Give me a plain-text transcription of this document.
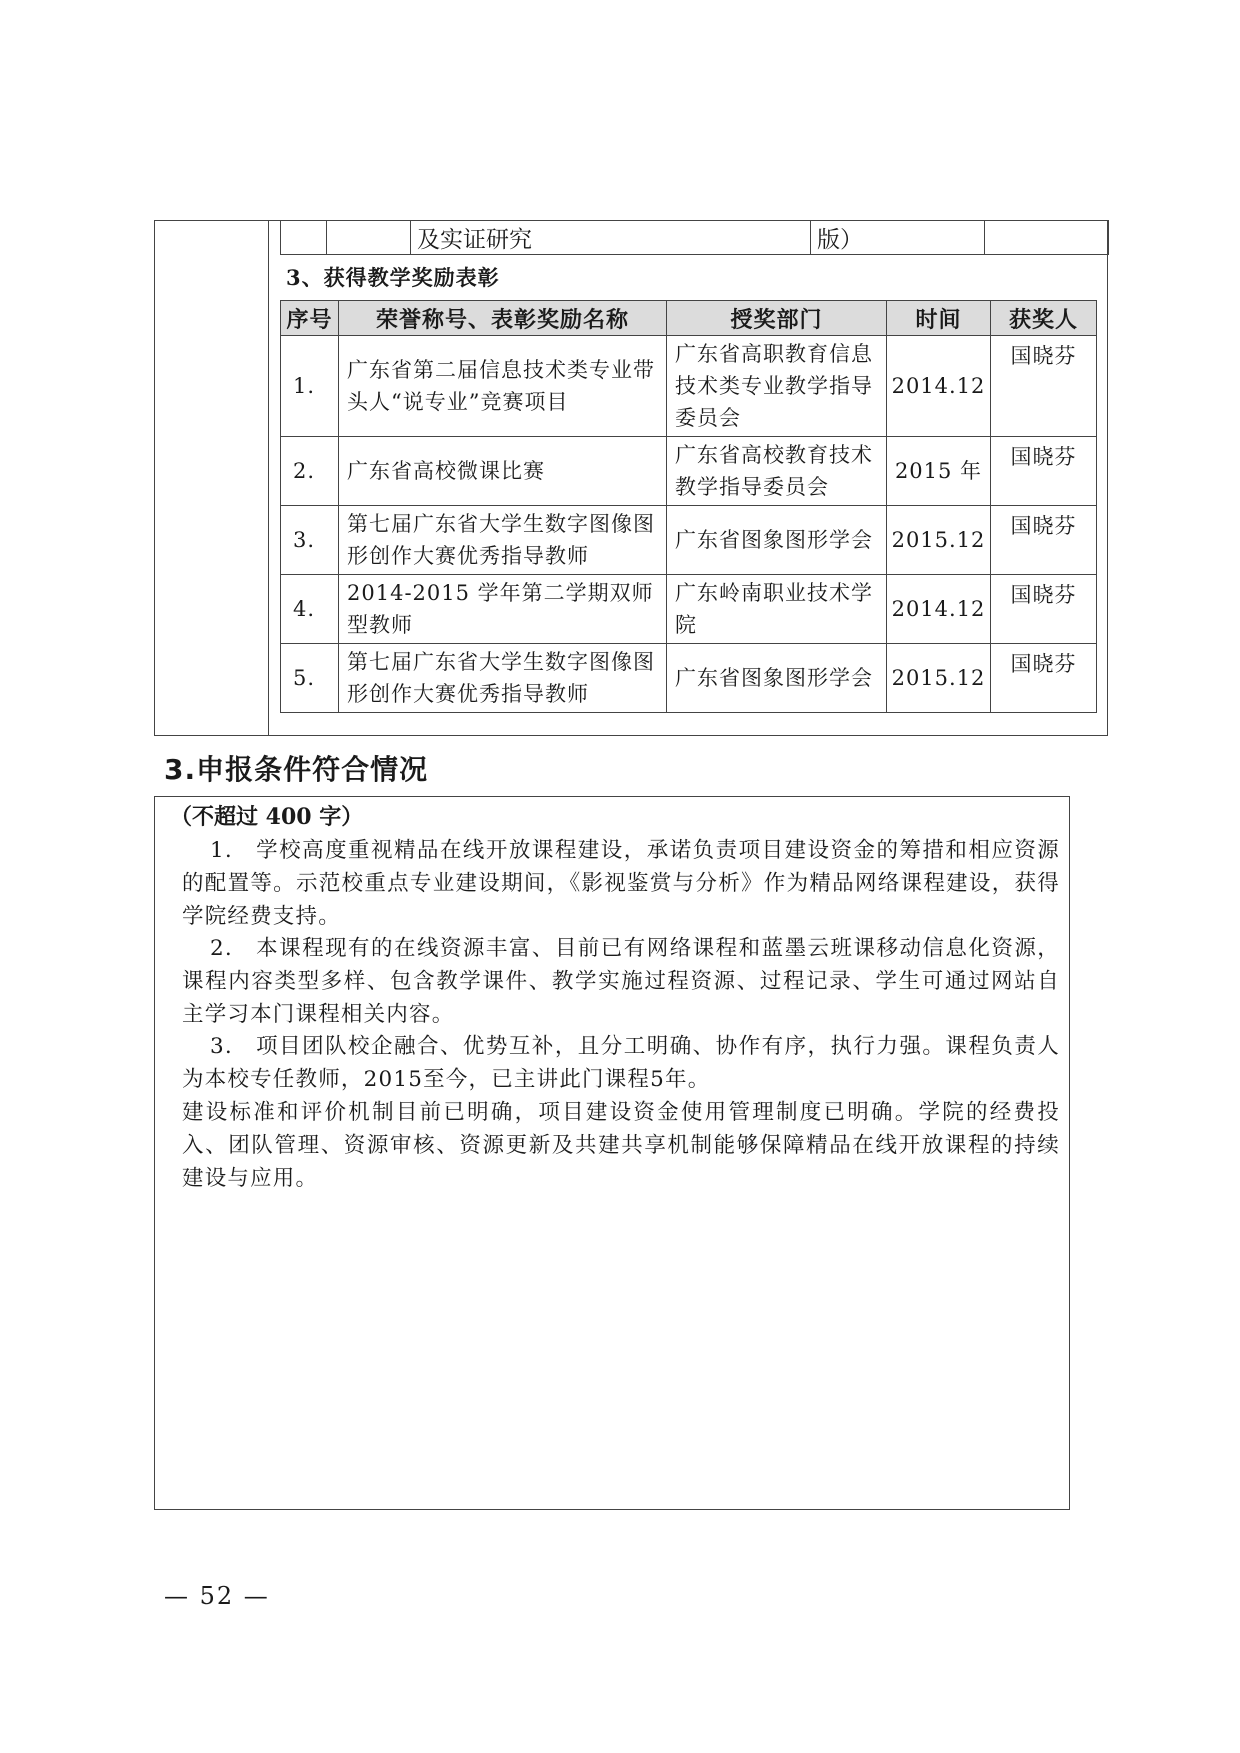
		及实证研究	版）	
3、获得教学奖励表彰
序号	荣誉称号、表彰奖励名称	授奖部门	时间	获奖人
1.	广东省第二届信息技术类专业带头人“说专业”竞赛项目	广东省高职教育信息技术类专业教学指导委员会	2014.12	国晓芬
2.	广东省高校微课比赛	广东省高校教育技术教学指导委员会	2015 年	国晓芬
3.	第七届广东省大学生数字图像图形创作大赛优秀指导教师	广东省图象图形学会	2015.12	国晓芬
4.	2014-2015 学年第二学期双师型教师	广东岭南职业技术学院	2014.12	国晓芬
5.	第七届广东省大学生数字图像图形创作大赛优秀指导教师	广东省图象图形学会	2015.12	国晓芬
3.申报条件符合情况
（不超过 400 字）
1.　学校高度重视精品在线开放课程建设，承诺负责项目建设资金的筹措和相应资源的配置等。示范校重点专业建设期间，《影视鉴赏与分析》作为精品网络课程建设，获得学院经费支持。
2.　本课程现有的在线资源丰富、目前已有网络课程和蓝墨云班课移动信息化资源，课程内容类型多样、包含教学课件、教学实施过程资源、过程记录、学生可通过网站自主学习本门课程相关内容。
3.　项目团队校企融合、优势互补，且分工明确、协作有序，执行力强。课程负责人为本校专任教师，2015至今，已主讲此门课程5年。
建设标准和评价机制目前已明确，项目建设资金使用管理制度已明确。学院的经费投入、团队管理、资源审核、资源更新及共建共享机制能够保障精品在线开放课程的持续建设与应用。
— 52 —
